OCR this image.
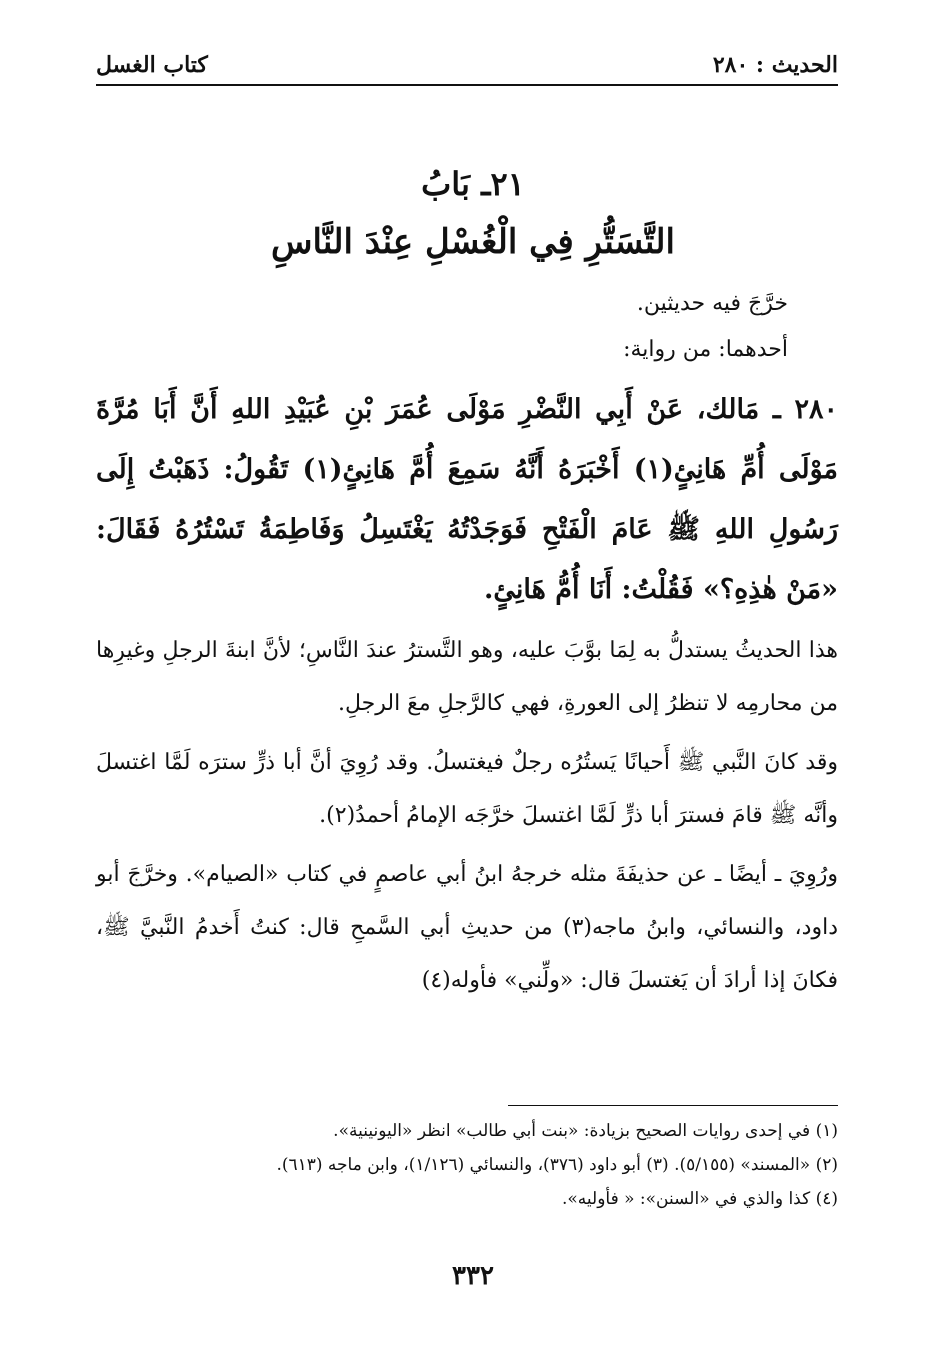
الحديث : ٢٨٠
كتاب الغسل
٢١ـ بَابُ
التَّسَتُّرِ فِي الْغُسْلِ عِنْدَ النَّاسِ

خرَّجَ فيه حديثين.

أحدهما: من رواية:

٢٨٠ ـ مَالك، عَنْ أَبِي النَّضْرِ مَوْلَى عُمَرَ بْنِ عُبَيْدِ اللهِ أَنَّ أَبَا مُرَّةَ مَوْلَى أُمِّ هَانِئٍ(١) أَخْبَرَهُ أَنَّهُ سَمِعَ أُمَّ هَانِئٍ(١) تَقُولُ: ذَهَبْتُ إِلَى رَسُولِ اللهِ ﷺ عَامَ الْفَتْحِ فَوَجَدْتُهُ يَغْتَسِلُ وَفَاطِمَةُ تَسْتُرُهُ فَقَالَ: «مَنْ هٰذِهِ؟» فَقُلْتُ: أَنَا أُمُّ هَانِئٍ.

هذا الحديثُ يستدلُّ به لِمَا بوَّبَ عليه، وهو التَّسترُ عندَ النَّاسِ؛ لأنَّ ابنةَ الرجلِ وغيرِها من محارمِه لا تنظرُ إلى العورةِ، فهي كالرَّجلِ معَ الرجلِ.

وقد كانَ النَّبي ﷺ أَحيانًا يَستُرُه رجلٌ فيغتسلُ. وقد رُوِيَ أنَّ أبا ذرٍّ سترَه لَمَّا اغتسلَ وأنَّه ﷺ قامَ فسترَ أبا ذرٍّ لَمَّا اغتسلَ خرَّجَه الإمامُ أحمدُ(٢).

ورُوِيَ ـ أيضًا ـ عن حذيفَةَ مثله خرجهُ ابنُ أبي عاصمٍ في كتاب «الصيام». وخرَّجَ أبو داود، والنسائي، وابنُ ماجه(٣) من حديثِ أبي السَّمحِ قال: كنتُ أَخدمُ النَّبيَّ ﷺ، فكانَ إذا أرادَ أن يَغتسلَ قال: «ولِّني» فأوله(٤)

(١) في إحدى روايات الصحيح بزيادة: «بنت أبي طالب» انظر «اليونينية».

(٢) «المسند» (٥/١٥٥). (٣) أبو داود (٣٧٦)، والنسائي (١/١٢٦)، وابن ماجه (٦١٣).

(٤) كذا والذي في «السنن»: « فأوليه».

٣٣٢
